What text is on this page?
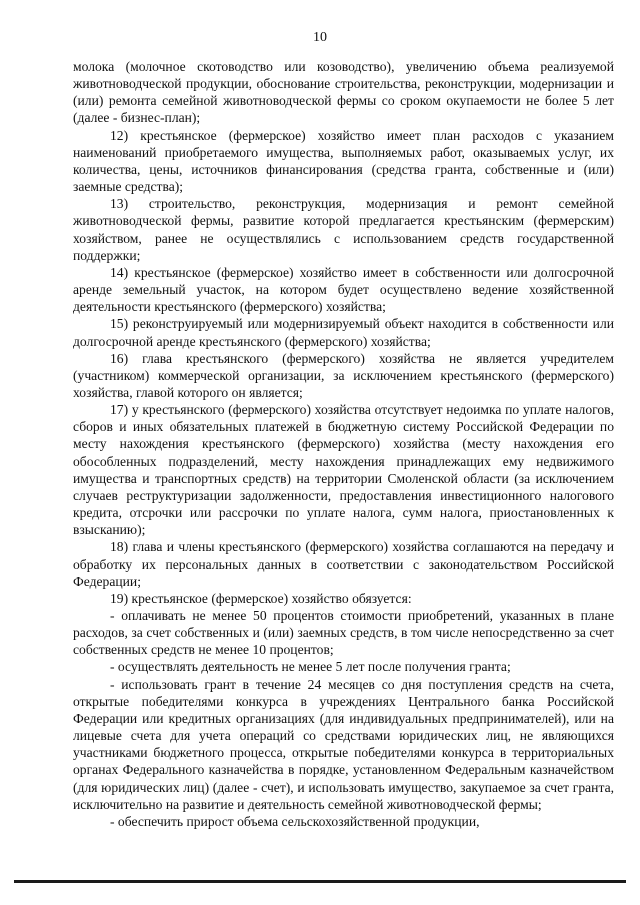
10

молока (молочное скотоводство или козоводство), увеличению объема реализуемой животноводческой продукции, обоснование строительства, реконструкции, модернизации и (или) ремонта семейной животноводческой фермы со сроком окупаемости не более 5 лет (далее - бизнес-план);

12) крестьянское (фермерское) хозяйство имеет план расходов с указанием наименований приобретаемого имущества, выполняемых работ, оказываемых услуг, их количества, цены, источников финансирования (средства гранта, собственные и (или) заемные средства);

13) строительство, реконструкция, модернизация и ремонт семейной животноводческой фермы, развитие которой предлагается крестьянским (фермерским) хозяйством, ранее не осуществлялись с использованием средств государственной поддержки;

14) крестьянское (фермерское) хозяйство имеет в собственности или долгосрочной аренде земельный участок, на котором будет осуществлено ведение хозяйственной деятельности крестьянского (фермерского) хозяйства;

15) реконструируемый или модернизируемый объект находится в собственности или долгосрочной аренде крестьянского (фермерского) хозяйства;

16) глава крестьянского (фермерского) хозяйства не является учредителем (участником) коммерческой организации, за исключением крестьянского (фермерского) хозяйства, главой которого он является;

17) у крестьянского (фермерского) хозяйства отсутствует недоимка по уплате налогов, сборов и иных обязательных платежей в бюджетную систему Российской Федерации по месту нахождения крестьянского (фермерского) хозяйства (месту нахождения его обособленных подразделений, месту нахождения принадлежащих ему недвижимого имущества и транспортных средств) на территории Смоленской области (за исключением случаев реструктуризации задолженности, предоставления инвестиционного налогового кредита, отсрочки или рассрочки по уплате налога, сумм налога, приостановленных к взысканию);

18) глава и члены крестьянского (фермерского) хозяйства соглашаются на передачу и обработку их персональных данных в соответствии с законодательством Российской Федерации;

19) крестьянское (фермерское) хозяйство обязуется:

- оплачивать не менее 50 процентов стоимости приобретений, указанных в плане расходов, за счет собственных и (или) заемных средств, в том числе непосредственно за счет собственных средств не менее 10 процентов;

- осуществлять деятельность не менее 5 лет после получения гранта;

- использовать грант в течение 24 месяцев со дня поступления средств на счета, открытые победителями конкурса в учреждениях Центрального банка Российской Федерации или кредитных организациях (для индивидуальных предпринимателей), или на лицевые счета для учета операций со средствами юридических лиц, не являющихся участниками бюджетного процесса, открытые победителями конкурса в территориальных органах Федерального казначейства в порядке, установленном Федеральным казначейством (для юридических лиц) (далее - счет), и использовать имущество, закупаемое за счет гранта, исключительно на развитие и деятельность семейной животноводческой фермы;

- обеспечить прирост объема сельскохозяйственной продукции,
